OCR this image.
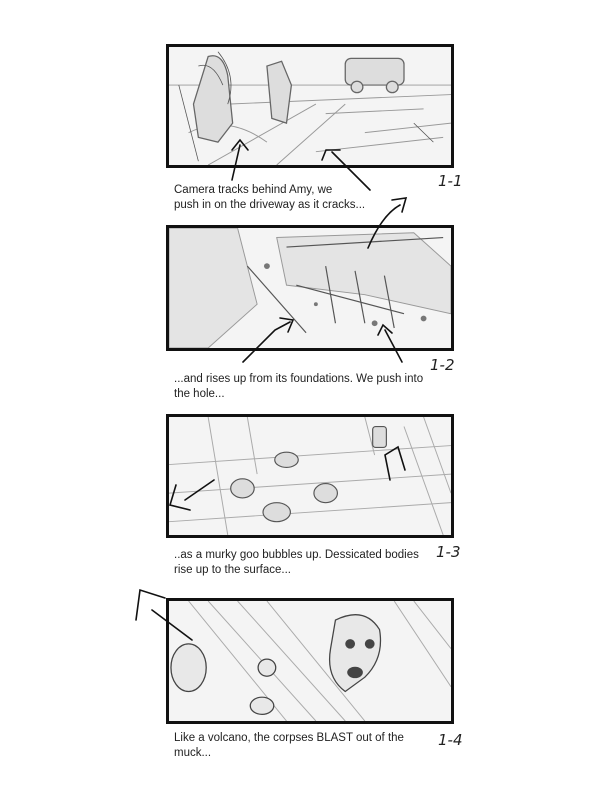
Camera tracks behind Amy, we
push in on the driveway as it cracks...
1-1
...and rises up from its foundations. We push into
the hole...
1-2
..as a murky goo bubbles up. Dessicated bodies
rise up to the surface...
1-3
Like a volcano, the corpses BLAST out of the
muck...
1-4
